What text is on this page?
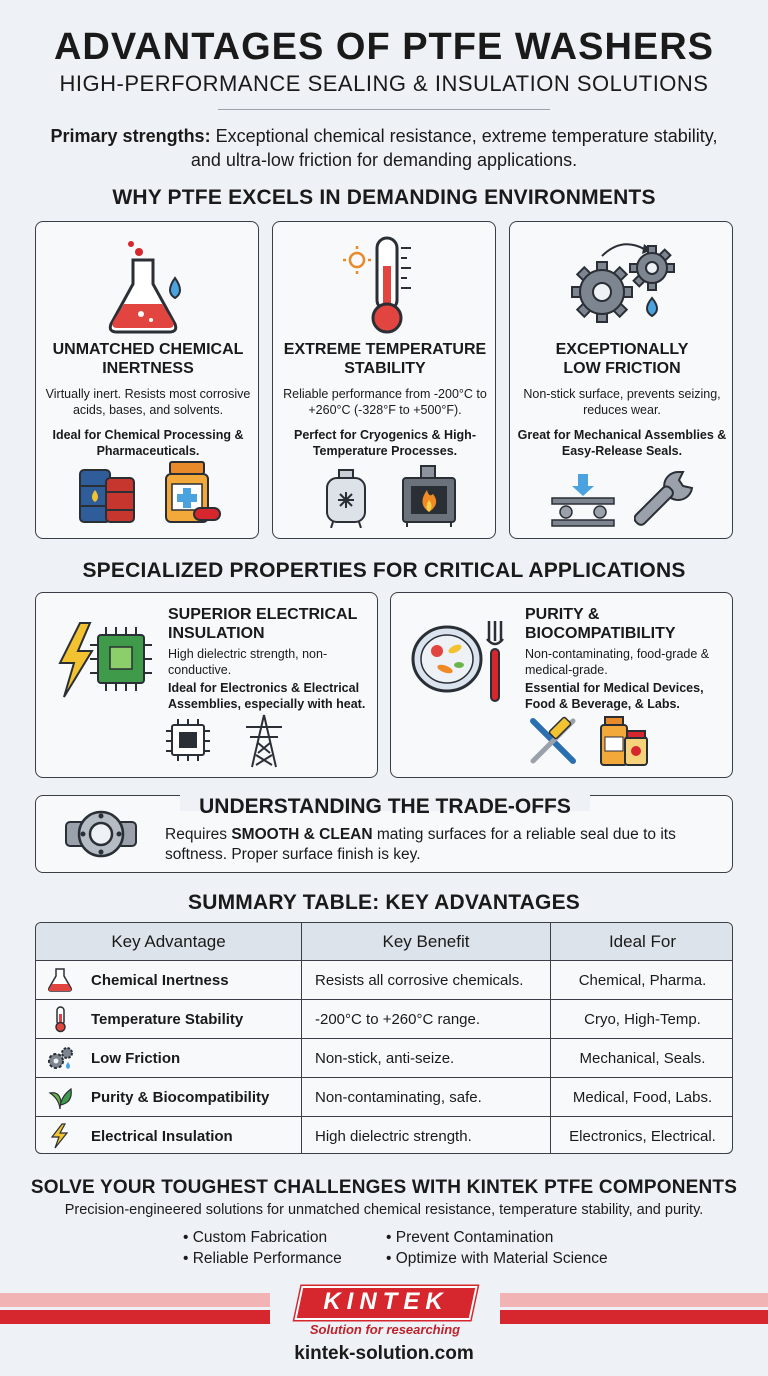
ADVANTAGES OF PTFE WASHERS
HIGH-PERFORMANCE SEALING & INSULATION SOLUTIONS
Primary strengths: Exceptional chemical resistance, extreme temperature stability, and ultra-low friction for demanding applications.
WHY PTFE EXCELS IN DEMANDING ENVIRONMENTS
UNMATCHED CHEMICAL
INERTNESS
Virtually inert. Resists most corrosive acids, bases, and solvents.
Ideal for Chemical Processing & Pharmaceuticals.
EXTREME TEMPERATURE
STABILITY
Reliable performance from -200°C to +260°C (-328°F to +500°F).
Perfect for Cryogenics & High-Temperature Processes.
EXCEPTIONALLY
LOW FRICTION
Non-stick surface, prevents seizing, reduces wear.
Great for Mechanical Assemblies & Easy-Release Seals.
SPECIALIZED PROPERTIES FOR CRITICAL APPLICATIONS
SUPERIOR ELECTRICAL
INSULATION
High dielectric strength, non-conductive.
Ideal for Electronics & Electrical Assemblies, especially with heat.
PURITY &
BIOCOMPATIBILITY
Non-contaminating, food-grade & medical-grade.
Essential for Medical Devices, Food & Beverage, & Labs.
UNDERSTANDING THE TRADE-OFFS
Requires SMOOTH & CLEAN mating surfaces for a reliable seal due to its softness. Proper surface finish is key.
SUMMARY TABLE: KEY ADVANTAGES
Key Advantage	Key Benefit	Ideal For
Chemical Inertness	Resists all corrosive chemicals.	Chemical, Pharma.
Temperature Stability	-200°C to +260°C range.	Cryo, High-Temp.
Low Friction	Non-stick, anti-seize.	Mechanical, Seals.
Purity & Biocompatibility	Non-contaminating, safe.	Medical, Food, Labs.
Electrical Insulation	High dielectric strength.	Electronics, Electrical.
SOLVE YOUR TOUGHEST CHALLENGES WITH KINTEK PTFE COMPONENTS
Precision-engineered solutions for unmatched chemical resistance, temperature stability, and purity.
• Custom Fabrication
• Reliable Performance
• Prevent Contamination
• Optimize with Material Science
KINTEK
Solution for researching
kintek-solution.com
